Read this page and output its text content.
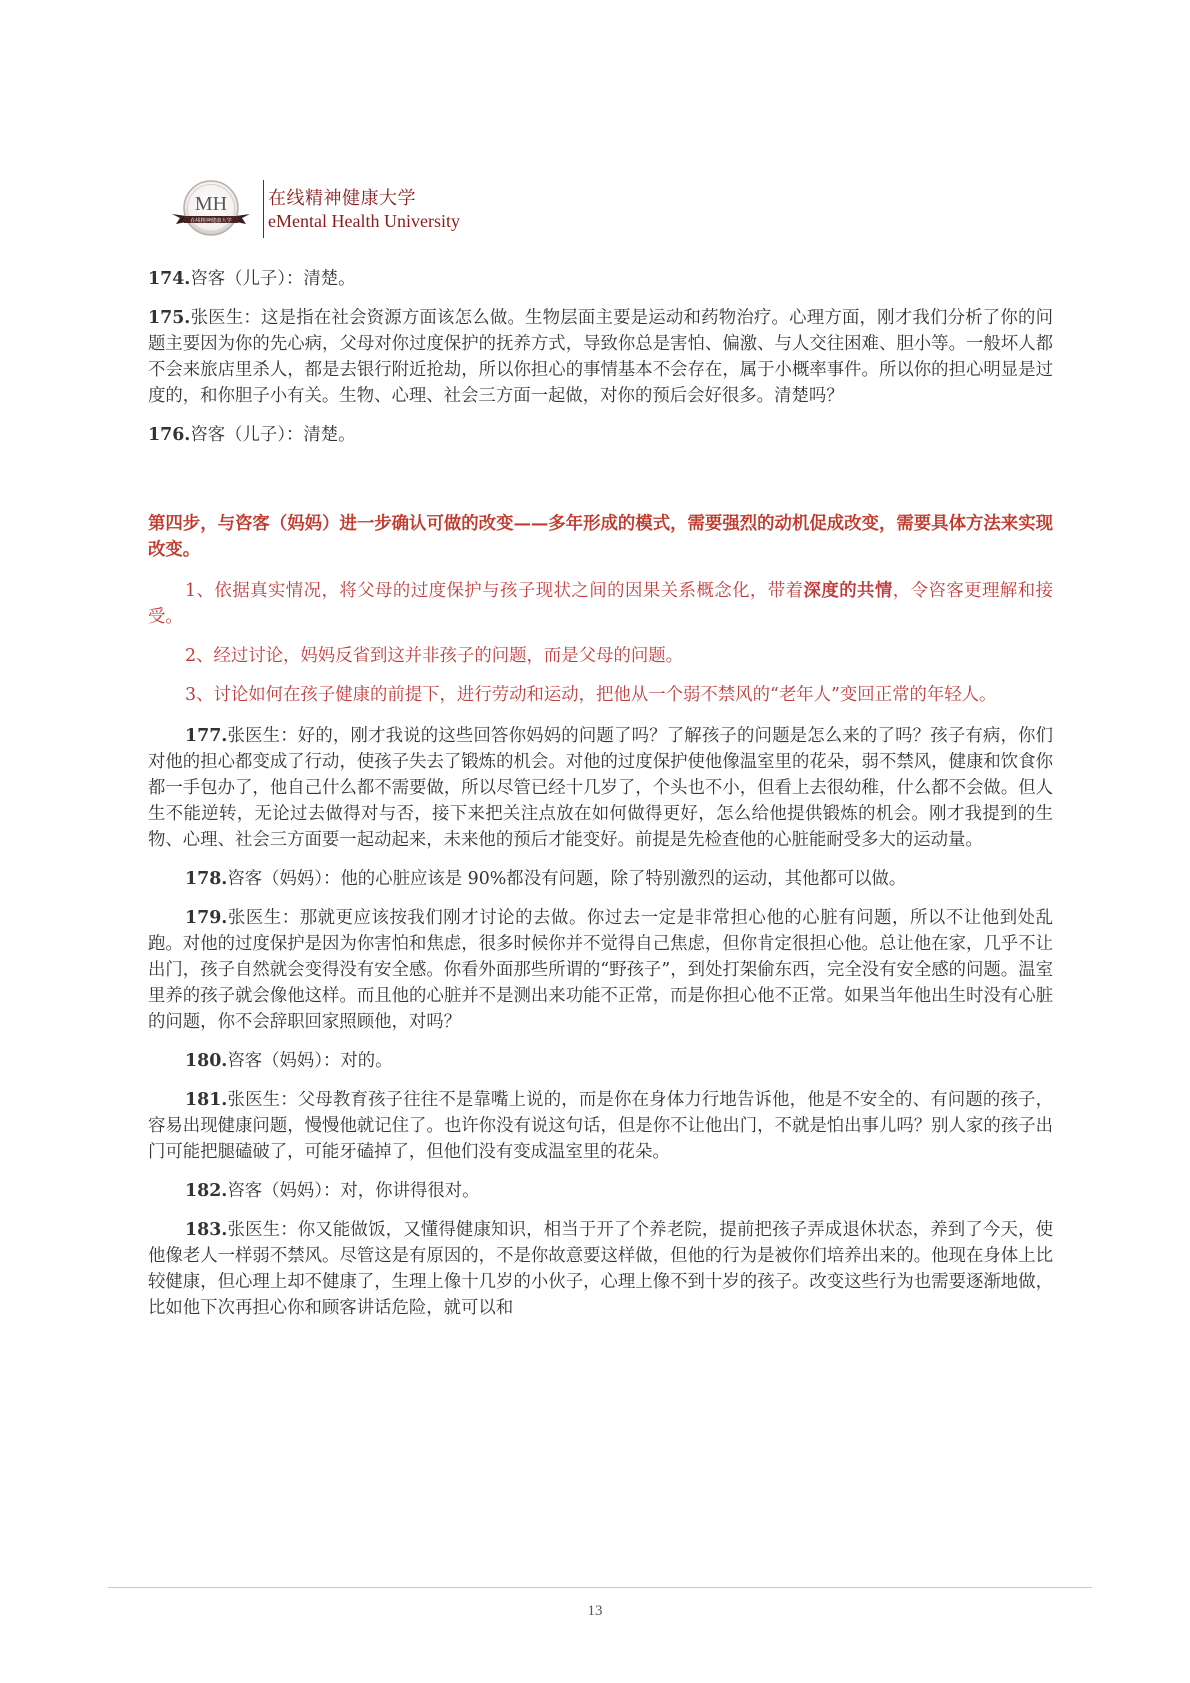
MH
在线精神健康大学
· · · · ·
在线精神健康大学
eMental Health University

174.咨客（儿子）：清楚。

175.张医生：这是指在社会资源方面该怎么做。生物层面主要是运动和药物治疗。心理方面，刚才我们分析了你的问题主要因为你的先心病，父母对你过度保护的抚养方式，导致你总是害怕、偏激、与人交往困难、胆小等。一般坏人都不会来旅店里杀人，都是去银行附近抢劫，所以你担心的事情基本不会存在，属于小概率事件。所以你的担心明显是过度的，和你胆子小有关。生物、心理、社会三方面一起做，对你的预后会好很多。清楚吗？

176.咨客（儿子）：清楚。

第四步，与咨客（妈妈）进一步确认可做的改变——多年形成的模式，需要强烈的动机促成改变，需要具体方法来实现改变。

1、依据真实情况，将父母的过度保护与孩子现状之间的因果关系概念化，带着深度的共情，令咨客更理解和接受。

2、经过讨论，妈妈反省到这并非孩子的问题，而是父母的问题。

3、讨论如何在孩子健康的前提下，进行劳动和运动，把他从一个弱不禁风的“老年人”变回正常的年轻人。

177.张医生：好的，刚才我说的这些回答你妈妈的问题了吗？了解孩子的问题是怎么来的了吗？孩子有病，你们对他的担心都变成了行动，使孩子失去了锻炼的机会。对他的过度保护使他像温室里的花朵，弱不禁风，健康和饮食你都一手包办了，他自己什么都不需要做，所以尽管已经十几岁了，个头也不小，但看上去很幼稚，什么都不会做。但人生不能逆转，无论过去做得对与否，接下来把关注点放在如何做得更好，怎么给他提供锻炼的机会。刚才我提到的生物、心理、社会三方面要一起动起来，未来他的预后才能变好。前提是先检查他的心脏能耐受多大的运动量。

178.咨客（妈妈）：他的心脏应该是 90%都没有问题，除了特别激烈的运动，其他都可以做。

179.张医生：那就更应该按我们刚才讨论的去做。你过去一定是非常担心他的心脏有问题，所以不让他到处乱跑。对他的过度保护是因为你害怕和焦虑，很多时候你并不觉得自己焦虑，但你肯定很担心他。总让他在家，几乎不让出门，孩子自然就会变得没有安全感。你看外面那些所谓的“野孩子”，到处打架偷东西，完全没有安全感的问题。温室里养的孩子就会像他这样。而且他的心脏并不是测出来功能不正常，而是你担心他不正常。如果当年他出生时没有心脏的问题，你不会辞职回家照顾他，对吗？

180.咨客（妈妈）：对的。

181.张医生：父母教育孩子往往不是靠嘴上说的，而是你在身体力行地告诉他，他是不安全的、有问题的孩子，容易出现健康问题，慢慢他就记住了。也许你没有说这句话，但是你不让他出门，不就是怕出事儿吗？别人家的孩子出门可能把腿磕破了，可能牙磕掉了，但他们没有变成温室里的花朵。

182.咨客（妈妈）：对，你讲得很对。

183.张医生：你又能做饭，又懂得健康知识，相当于开了个养老院，提前把孩子弄成退休状态，养到了今天，使他像老人一样弱不禁风。尽管这是有原因的，不是你故意要这样做，但他的行为是被你们培养出来的。他现在身体上比较健康，但心理上却不健康了，生理上像十几岁的小伙子，心理上像不到十岁的孩子。改变这些行为也需要逐渐地做，比如他下次再担心你和顾客讲话危险，就可以和

13
